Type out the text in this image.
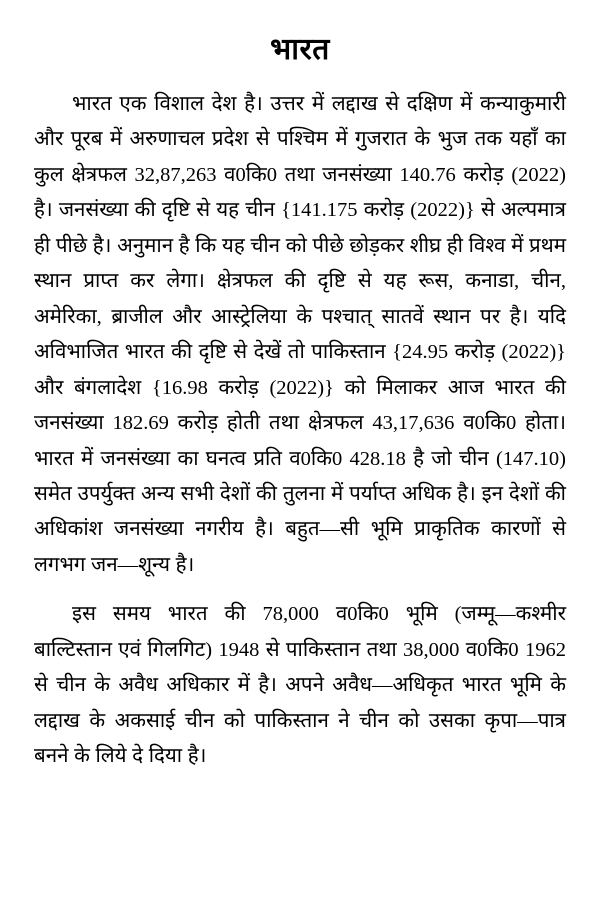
भारत

भारत एक विशाल देश है। उत्तर में लद्दाख से दक्षिण में कन्याकुमारी और पूरब में अरुणाचल प्रदेश से पश्चिम में गुजरात के भुज तक यहाँ का कुल क्षेत्रफल 32,87,263 व0कि0 तथा जनसंख्या 140.76 करोड़ (2022) है। जनसंख्या की दृष्टि से यह चीन {141.175 करोड़ (2022)} से अल्पमात्र ही पीछे है। अनुमान है कि यह चीन को पीछे छोड़कर शीघ्र ही विश्व में प्रथम स्थान प्राप्त कर लेगा। क्षेत्रफल की दृष्टि से यह रूस, कनाडा, चीन, अमेरिका, ब्राजील और आस्ट्रेलिया के पश्चात् सातवें स्थान पर है। यदि अविभाजित भारत की दृष्टि से देखें तो पाकिस्तान {24.95 करोड़ (2022)} और बंगलादेश {16.98 करोड़ (2022)} को मिलाकर आज भारत की जनसंख्या 182.69 करोड़ होती तथा क्षेत्रफल 43,17,636 व0कि0 होता। भारत में जनसंख्या का घनत्व प्रति व0कि0 428.18 है जो चीन (147.10) समेत उपर्युक्त अन्य सभी देशों की तुलना में पर्याप्त अधिक है। इन देशों की अधिकांश जनसंख्या नगरीय है। बहुत—सी भूमि प्राकृतिक कारणों से लगभग जन—शून्य है।

इस समय भारत की 78,000 व0कि0 भूमि (जम्मू—कश्मीर बाल्टिस्तान एवं गिलगिट) 1948 से पाकिस्तान तथा 38,000 व0कि0 1962 से चीन के अवैध अधिकार में है। अपने अवैध—अधिकृत भारत भूमि के लद्दाख के अकसाई चीन को पाकिस्तान ने चीन को उसका कृपा—पात्र बनने के लिये दे दिया है।
